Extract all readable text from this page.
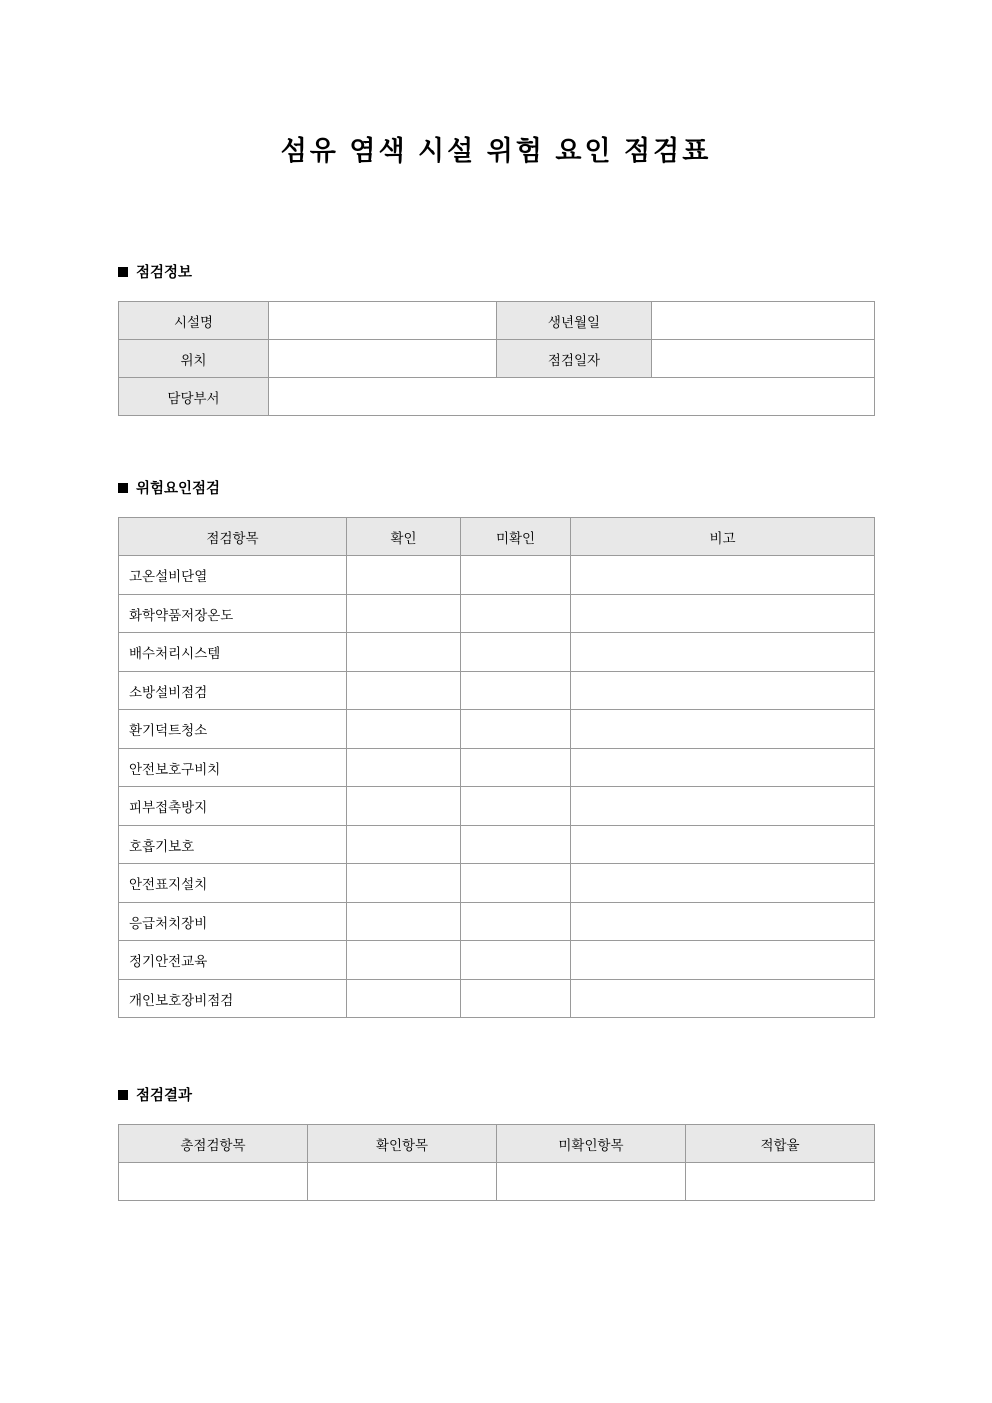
섬유 염색 시설 위험 요인 점검표
점검정보
시설명		생년월일	
위치		점검일자	
담당부서			
위험요인점검
점검항목	확인	미확인	비고
고온설비단열			
화학약품저장온도			
배수처리시스템			
소방설비점검			
환기덕트청소			
안전보호구비치			
피부접촉방지			
호흡기보호			
안전표지설치			
응급처치장비			
정기안전교육			
개인보호장비점검			
점검결과
총점검항목	확인항목	미확인항목	적합율
